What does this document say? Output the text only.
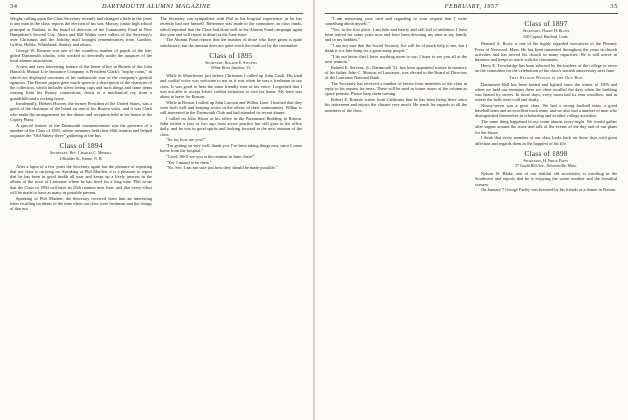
34	DARTMOUTH ALUMNI MAGAZINE

Wright, calling upon the Class Secretary recently and changed a little in the years is any man in the class, reports the election of his son, Murray, junior high school principal at Nashua, to the board of directors of the Community Fund in New Hampshire's Second City. Akers and Bill Walter were callers of the Secretary's over Christmas and the holiday mail brought remembrances from Gardner, Griffin, Hobbs, Whitehead, Stanley and others.

George W. Boomer was one of the countless number of pupils of the late, gifted Dartmouth scholar, who worked so devotedly under the auspices of the local alumni association.

A new and very interesting feature of the home office in Boston of the John Hancock Mutual Life Insurance Company is President Clark's "trophy room," in which are displayed souvenirs of his nationwide tour of the company's general agencies. The Boston papers gave much space to a description of the character of the collection, which includes silver loving cups and such things and some items coming from his Rotary connections, down to a mechanical toy from a grandchild and a rocking horse.

Incidentally, Herbert Hoover, the former President of the United States, was a guest of the chairman of the board on one of his Boston visits, and it was Clark who made the arrangements for the dinner and reception held in his honor at the Copley Plaza.

A special feature of the Dartmouth commencement was the presence of a number of the Class of 1893, whose members held their 60th reunion and helped organize the "Old Ninety-three" gathering at the Inn.

Class of 1894
Secretary, Rev. Charles C. Merrill
4 Boulder St., Keene, N. H.

After a lapse of a few years the Secretary again has the pleasure of reporting that our class is carrying on. Speaking of Phil Marden, it is a pleasure to report that he has been in good health all year and keeps up a lively interest in the affairs of the town of Lancaster where he has lived for a long time. Phil wrote that the Class of 1894 will have its 65th reunion next June, and that every effort will be made to have as many as possible present.

Speaking of Phil Marden, the Secretary received from him an interesting letter recalling incidents of the time when our class were freshmen and the doings of that era.

The Secretary can sympathize with Phil in his hospital experience, as he has recently had one himself. Reference was made to the committee on class funds, which reported that the Class had done well in the Alumni Fund campaign again this year and will report in detail in the June issue.

The Alumni Fund reports that the number of those who have given is quite satisfactory, but the amount does not quite reach the mark set by the committee.

Class of 1895
Secretary, Roland E. Stevens
White River Junction, Vt.

While in Manchester just before Christmas I called up John Gault. His kind and cordial voice was welcome to me as it was when he was a freshman in our class. It was good to hear the same friendly tone in his voice. I regretted that I was not able to accept John's cordial invitation to visit his home. My train was about to leave for Boston.

While in Boston I called up John Lawson and Wilbur Lane. I learned that they were both well and keeping active in the affairs of their communities. Wilbur is still interested in the Dartmouth Club and had attended its recent dinner.

I called on John Hixon at his office in the Paramount Building in Boston. John retired a year or two ago from active practice but still goes to his office daily, and he was in good spirits and looking forward to the next reunion of the class.

"So far, how are you?"

"I'm getting on very well, thank you. I've been taking things easy since I came home from the hospital."

"Good. We'll see you at the reunion in June, then?"

"Yes. I intend to be there."

"No, Sec. I am not sure just how they should be made possible."

FEBRUARY, 1957	35

"I am answering your card and regarding to your request that I write something about myself."

"Yes, in the first place, I am hale and hearty and still full of ambition. I have been retired for some years now and have been devoting my time to my family and to my hobbies."

"I am not sure that the Social Security Act will be of much help to me, but I think it is a fine thing for a great many people."

"I do not know that I have anything more to say. I hope to see you all at the next reunion."

Roland E. Stevens, Jr., Dartmouth '31, has been appointed trustee in memory of his father. John C. Morton, of Lancaster, was elected to the Board of Directors of the Lancaster National Bank.

The Secretary has received a number of letters from members of the class in reply to his request for news. These will be used in future issues of the column as space permits. Please keep them coming.

Robert E. Roberts writes from California that he has been living there since his retirement and enjoys the climate very much. He sends his regards to all the members of the class.

Class of 1897
Secretary, Harry H. Blunt
620 Capitol, Hartford, Conn.

Bernard A. Rowe is one of the highly regarded executives of the Phinney Press of Norwood, Mass. He has been interested throughout the years in church activities and has served his church in many capacities. He is still active in business and keeps in touch with his classmates.

Harry E. Trowbridge has been selected by the trustees of the college to serve on the committee for the celebration of the class's sixtieth anniversary next June.

That Second Winter in the Old Row

Dartmouth Hall has been heated and lighted since the winter of 1895 and when we held our reunions there we often recalled the days when the building was heated by stoves. In those days, every room had its own woodbox, and in winter the halls were cold and drafty.

Ninety-seven was a great class. We had a strong football team, a good baseball team and an excellent track team, and we also had a number of men who distinguished themselves in scholarship and in other college activities.

The same thing happened in my room almost every night. We would gather after supper around the stove and talk of the events of the day and of our plans for the future.

I think that every member of our class looks back on those days with great affection and regards them as the happiest of his life.

Class of 1898
Secretary, H. Philip Patey
37 Gould Hill Ave., Newtonville, Mass.

Nelson W. Blake, one of our faithful old secretaries, is traveling in the Southwest and reports that he is enjoying the warm weather and the beautiful scenery.

On January 7 George Farley was honored by his friends at a dinner in Boston.
